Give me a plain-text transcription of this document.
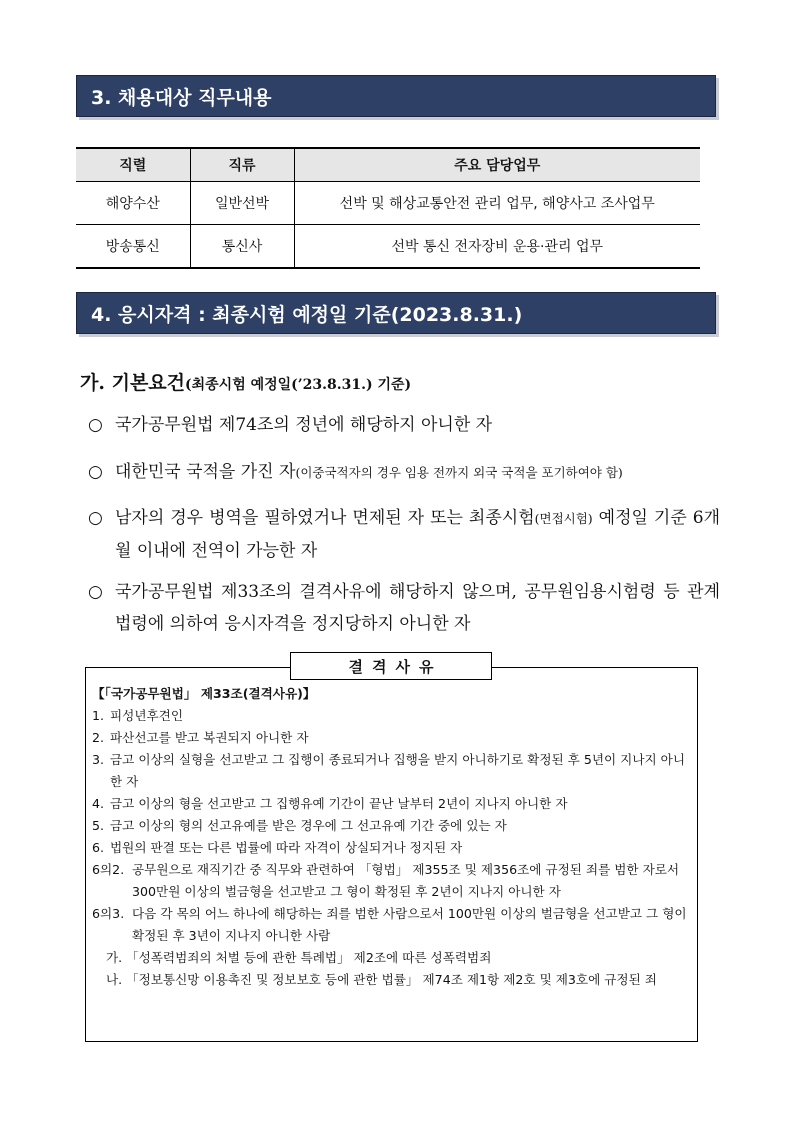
3. 채용대상 직무내용
직렬	직류	주요 담당업무
해양수산	일반선박	선박 및 해상교통안전 관리 업무, 해양사고 조사업무
방송통신	통신사	선박 통신 전자장비 운용·관리 업무
4. 응시자격 : 최종시험 예정일 기준(2023.8.31.)
가. 기본요건(최종시험 예정일(’23.8.31.) 기준)
○ 국가공무원법 제74조의 정년에 해당하지 아니한 자
○ 대한민국 국적을 가진 자(이중국적자의 경우 임용 전까지 외국 국적을 포기하여야 함)
○ 남자의 경우 병역을 필하였거나 면제된 자 또는 최종시험(면접시험) 예정일 기준 6개월 이내에 전역이 가능한 자
○ 국가공무원법 제33조의 결격사유에 해당하지 않으며, 공무원임용시험령 등 관계법령에 의하여 응시자격을 정지당하지 아니한 자
결격사유
【「국가공무원법」 제33조(결격사유)】
1. 피성년후견인
2. 파산선고를 받고 복권되지 아니한 자
3. 금고 이상의 실형을 선고받고 그 집행이 종료되거나 집행을 받지 아니하기로 확정된 후 5년이 지나지 아니한 자
4. 금고 이상의 형을 선고받고 그 집행유예 기간이 끝난 날부터 2년이 지나지 아니한 자
5. 금고 이상의 형의 선고유예를 받은 경우에 그 선고유예 기간 중에 있는 자
6. 법원의 판결 또는 다른 법률에 따라 자격이 상실되거나 정지된 자
6의2. 공무원으로 재직기간 중 직무와 관련하여 「형법」 제355조 및 제356조에 규정된 죄를 범한 자로서 300만원 이상의 벌금형을 선고받고 그 형이 확정된 후 2년이 지나지 아니한 자
6의3. 다음 각 목의 어느 하나에 해당하는 죄를 범한 사람으로서 100만원 이상의 벌금형을 선고받고 그 형이 확정된 후 3년이 지나지 아니한 사람
가. 「성폭력범죄의 처벌 등에 관한 특례법」 제2조에 따른 성폭력범죄
나. 「정보통신망 이용촉진 및 정보보호 등에 관한 법률」 제74조 제1항 제2호 및 제3호에 규정된 죄
